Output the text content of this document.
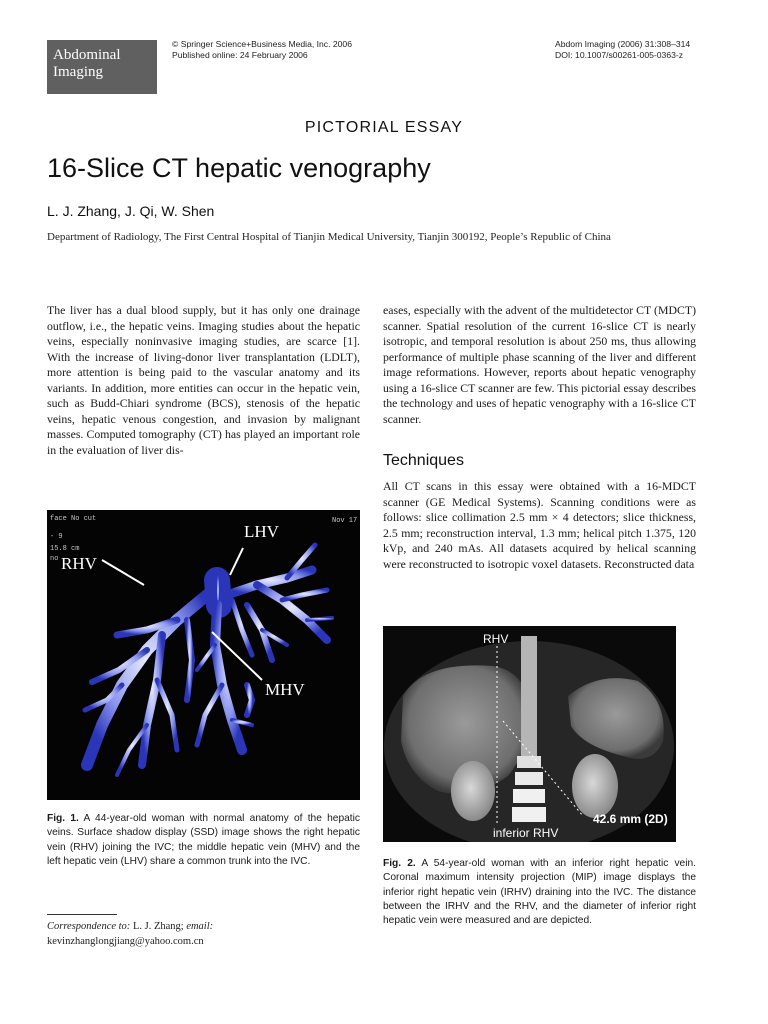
Abdominal
Imaging
© Springer Science+Business Media, Inc. 2006
Published online: 24 February 2006
Abdom Imaging (2006) 31:308–314
DOI: 10.1007/s00261-005-0363-z
PICTORIAL ESSAY
16-Slice CT hepatic venography
L. J. Zhang, J. Qi, W. Shen
Department of Radiology, The First Central Hospital of Tianjin Medical University, Tianjin 300192, People’s Republic of China
The liver has a dual blood supply, but it has only one drainage outflow, i.e., the hepatic veins. Imaging studies about the hepatic veins, especially noninvasive imaging studies, are scarce [1]. With the increase of living-donor liver transplantation (LDLT), more attention is being paid to the vascular anatomy and its variants. In addition, more entities can occur in the hepatic vein, such as Budd-Chiari syndrome (BCS), stenosis of the hepatic veins, hepatic venous congestion, and invasion by malignant masses. Computed tomography (CT) has played an important role in the evaluation of liver dis-
eases, especially with the advent of the multidetector CT (MDCT) scanner. Spatial resolution of the current 16-slice CT is nearly isotropic, and temporal resolution is about 250 ms, thus allowing performance of multiple phase scanning of the liver and different image reformations. However, reports about hepatic venography using a 16-slice CT scanner are few. This pictorial essay describes the technology and uses of hepatic venography with a 16-slice CT scanner.
Techniques
All CT scans in this essay were obtained with a 16-MDCT scanner (GE Medical Systems). Scanning conditions were as follows: slice collimation 2.5 mm × 4 detectors; slice thickness, 2.5 mm; reconstruction interval, 1.3 mm; helical pitch 1.375, 120 kVp, and 240 mAs. All datasets acquired by helical scanning were reconstructed to isotropic voxel datasets. Reconstructed data
face No cut
- 9
15.8 cm
no
Nov 17
LHV
RHV
MHV
Fig. 1. A 44-year-old woman with normal anatomy of the hepatic veins. Surface shadow display (SSD) image shows the right hepatic vein (RHV) joining the IVC; the middle hepatic vein (MHV) and the left hepatic vein (LHV) share a common trunk into the IVC.
RHV
inferior RHV
42.6 mm (2D)
Fig. 2. A 54-year-old woman with an inferior right hepatic vein. Coronal maximum intensity projection (MIP) image displays the inferior right hepatic vein (IRHV) draining into the IVC. The distance between the IRHV and the RHV, and the diameter of inferior right hepatic vein were measured and are depicted.
Correspondence to: L. J. Zhang; email: kevinzhanglongjiang@yahoo.com.cn
